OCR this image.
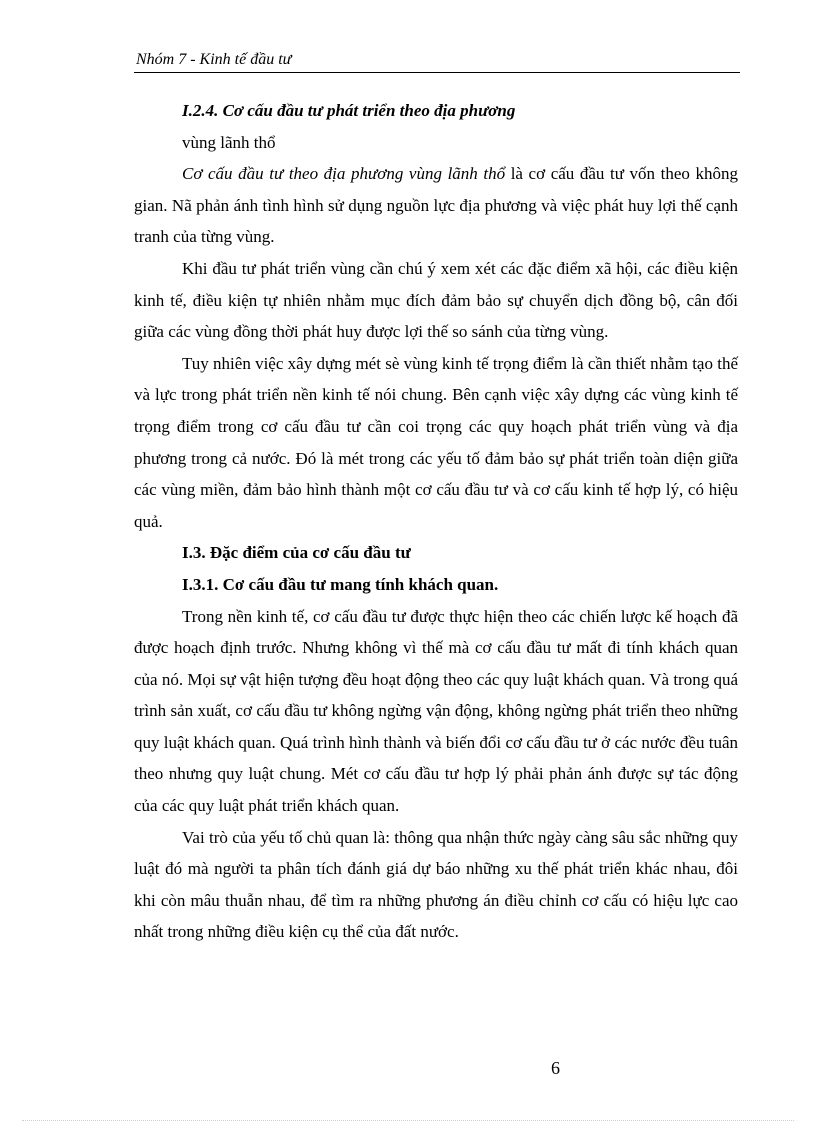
Nhóm 7 - Kinh tế đầu tư

I.2.4. Cơ cấu đầu tư phát triển theo địa phương

vùng lãnh thổ

Cơ cấu đầu tư theo địa phương vùng lãnh thổ là cơ cấu đầu tư vốn theo không gian. Nã phản ánh tình hình sử dụng nguồn lực địa phương và việc phát huy lợi thế cạnh tranh của từng vùng.

Khi đầu tư phát triển vùng cần chú ý xem xét các đặc điểm xã hội, các điều kiện kinh tế, điều kiện tự nhiên nhằm mục đích đảm bảo sự chuyển dịch đồng bộ, cân đối giữa các vùng đồng thời phát huy được lợi thế so sánh của từng vùng.

Tuy nhiên việc xây dựng mét sè vùng kinh tế trọng điểm là cần thiết nhằm tạo thế và lực trong phát triển nền kinh tế nói chung. Bên cạnh việc xây dựng các vùng kinh tế trọng điểm trong cơ cấu đầu tư cần coi trọng các quy hoạch phát triển vùng và địa phương trong cả nước. Đó là mét trong các yếu tố đảm bảo sự phát triển toàn diện giữa các vùng miền, đảm bảo hình thành một cơ cấu đầu tư và cơ cấu kinh tế hợp lý, có hiệu quả.

I.3. Đặc điểm của cơ cấu đầu tư

I.3.1. Cơ cấu đầu tư mang tính khách quan.

Trong nền kinh tế, cơ cấu đầu tư được thực hiện theo các chiến lược kế hoạch đã được hoạch định trước. Nhưng không vì thế mà cơ cấu đầu tư mất đi tính khách quan của nó. Mọi sự vật hiện tượng đều hoạt động theo các quy luật khách quan. Và trong quá trình sản xuất, cơ cấu đầu tư không ngừng vận động, không ngừng phát triển theo những quy luật khách quan. Quá trình hình thành và biến đổi cơ cấu đầu tư ở các nước đều tuân theo nhưng quy luật chung. Mét cơ cấu đầu tư hợp lý phải phản ánh được sự tác động của các quy luật phát triển khách quan.

Vai trò của yếu tố chủ quan là: thông qua nhận thức ngày càng sâu sắc những quy luật đó mà người ta phân tích đánh giá dự báo những xu thế phát triển khác nhau, đôi khi còn mâu thuẫn nhau, để tìm ra những phương án điều chỉnh cơ cấu có hiệu lực cao nhất trong những điều kiện cụ thể của đất nước.

6
